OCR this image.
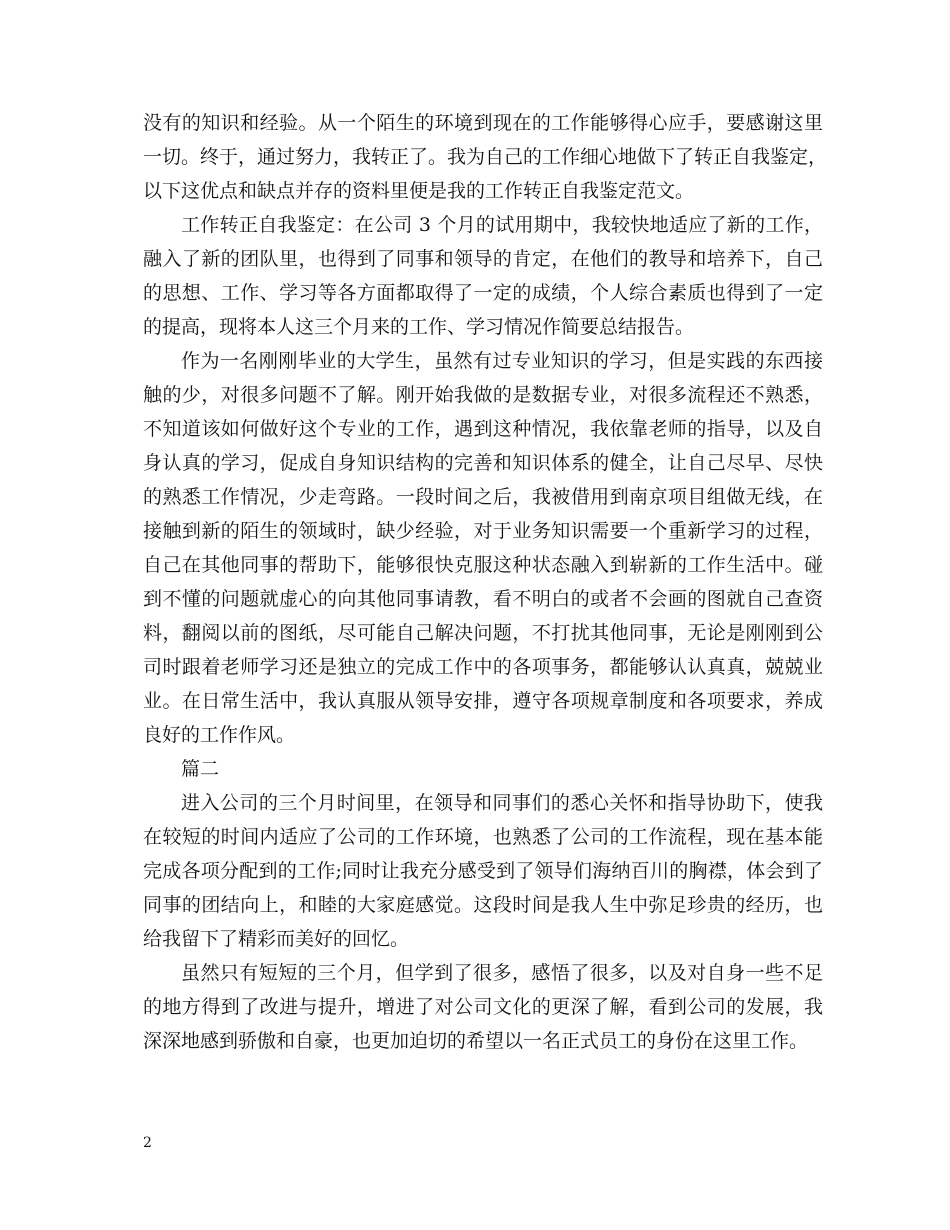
没有的知识和经验。从一个陌生的环境到现在的工作能够得心应手，要感谢这里
一切。终于，通过努力，我转正了。我为自己的工作细心地做下了转正自我鉴定，
以下这优点和缺点并存的资料里便是我的工作转正自我鉴定范文。
工作转正自我鉴定：在公司 3 个月的试用期中，我较快地适应了新的工作，
融入了新的团队里，也得到了同事和领导的肯定，在他们的教导和培养下，自己
的思想、工作、学习等各方面都取得了一定的成绩，个人综合素质也得到了一定
的提高，现将本人这三个月来的工作、学习情况作简要总结报告。
作为一名刚刚毕业的大学生，虽然有过专业知识的学习，但是实践的东西接
触的少，对很多问题不了解。刚开始我做的是数据专业，对很多流程还不熟悉，
不知道该如何做好这个专业的工作，遇到这种情况，我依靠老师的指导，以及自
身认真的学习，促成自身知识结构的完善和知识体系的健全，让自己尽早、尽快
的熟悉工作情况，少走弯路。一段时间之后，我被借用到南京项目组做无线，在
接触到新的陌生的领域时，缺少经验，对于业务知识需要一个重新学习的过程，
自己在其他同事的帮助下，能够很快克服这种状态融入到崭新的工作生活中。碰
到不懂的问题就虚心的向其他同事请教，看不明白的或者不会画的图就自己查资
料，翻阅以前的图纸，尽可能自己解决问题，不打扰其他同事，无论是刚刚到公
司时跟着老师学习还是独立的完成工作中的各项事务，都能够认认真真，兢兢业
业。在日常生活中，我认真服从领导安排，遵守各项规章制度和各项要求，养成
良好的工作作风。
篇二
进入公司的三个月时间里，在领导和同事们的悉心关怀和指导协助下，使我
在较短的时间内适应了公司的工作环境，也熟悉了公司的工作流程，现在基本能
完成各项分配到的工作;同时让我充分感受到了领导们海纳百川的胸襟，体会到了
同事的团结向上，和睦的大家庭感觉。这段时间是我人生中弥足珍贵的经历，也
给我留下了精彩而美好的回忆。
虽然只有短短的三个月，但学到了很多，感悟了很多，以及对自身一些不足
的地方得到了改进与提升，增进了对公司文化的更深了解，看到公司的发展，我
深深地感到骄傲和自豪，也更加迫切的希望以一名正式员工的身份在这里工作。
2
